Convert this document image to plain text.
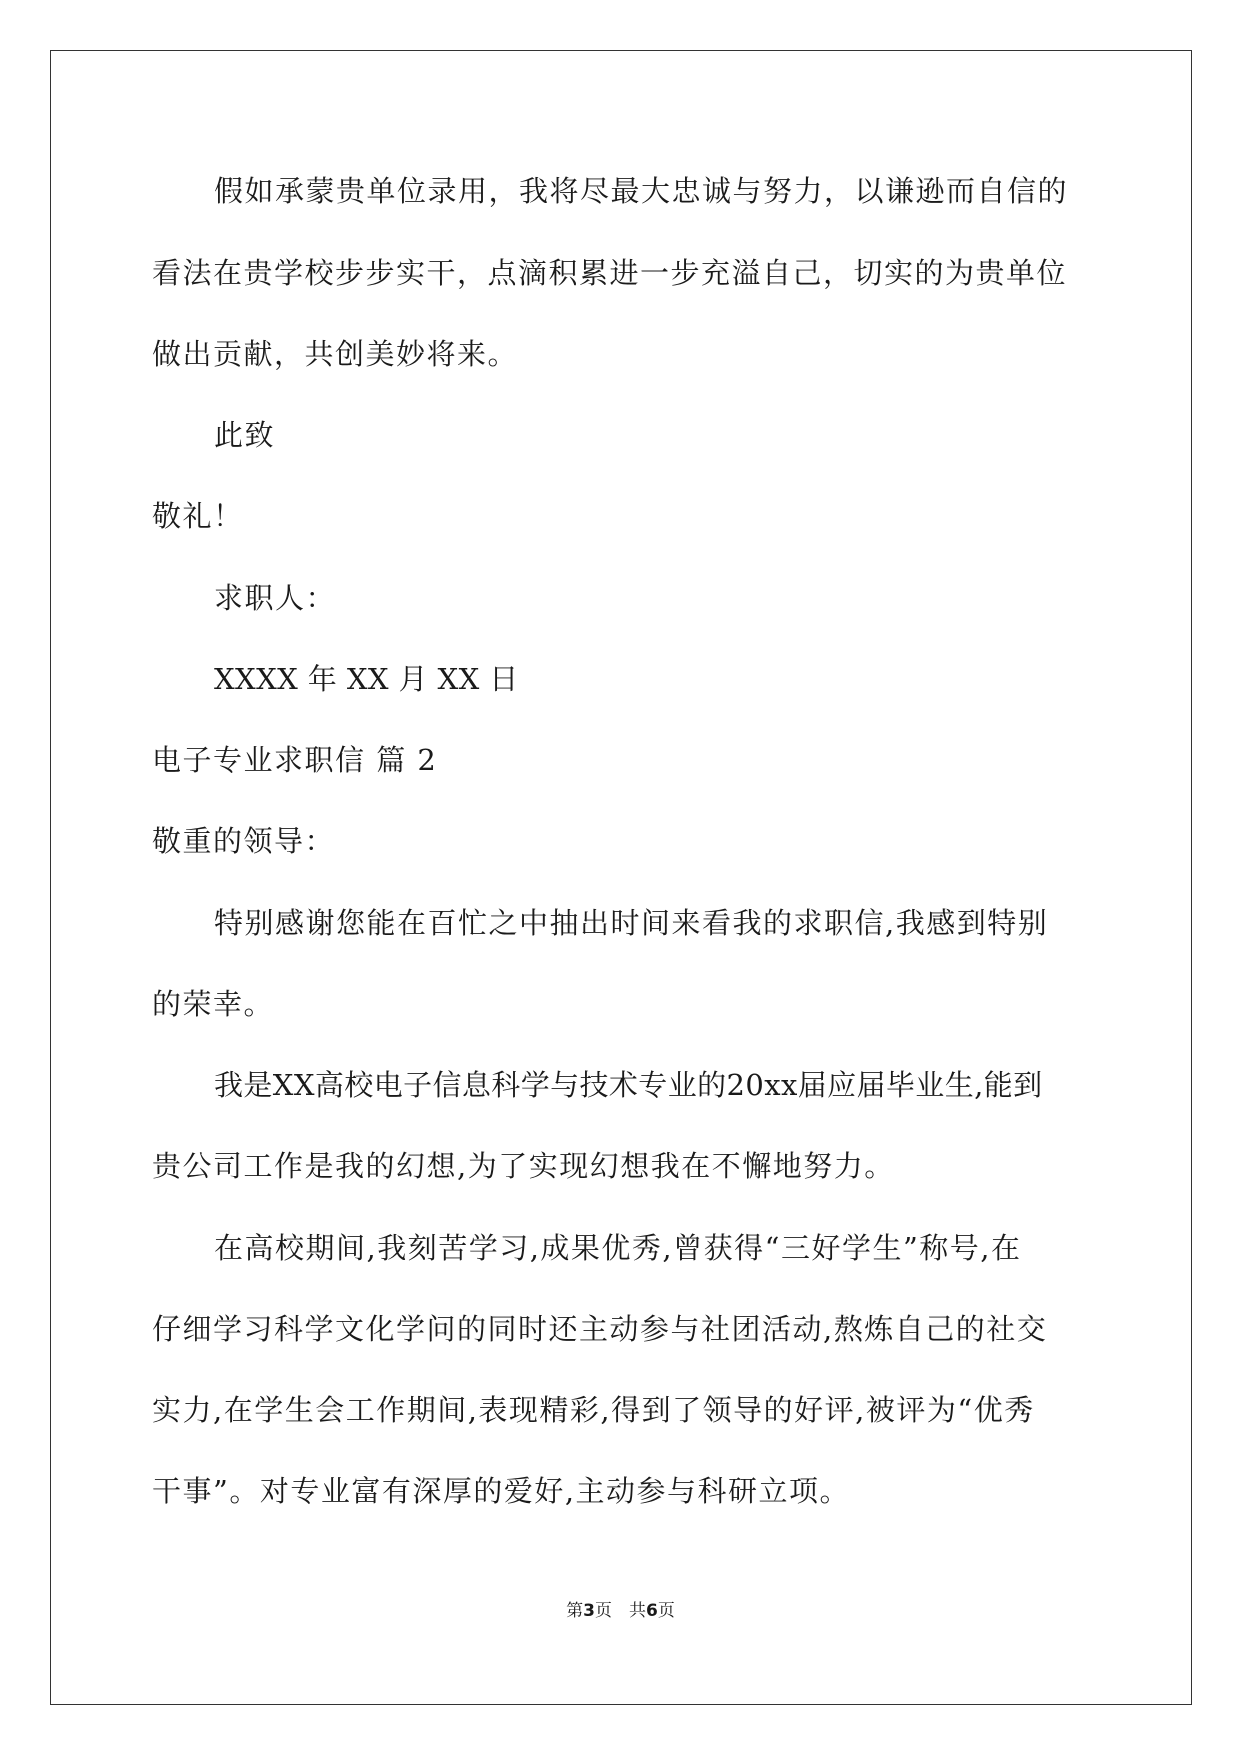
假如承蒙贵单位录用，我将尽最大忠诚与努力，以谦逊而自信的
看法在贵学校步步实干，点滴积累进一步充溢自己，切实的为贵单位
做出贡献，共创美妙将来。
此致
敬礼！
求职人：
XXXX 年 XX 月 XX 日
电子专业求职信 篇 2
敬重的领导：
特别感谢您能在百忙之中抽出时间来看我的求职信,我感到特别
的荣幸。
我是XX高校电子信息科学与技术专业的20xx届应届毕业生,能到
贵公司工作是我的幻想,为了实现幻想我在不懈地努力。
在高校期间,我刻苦学习,成果优秀,曾获得“三好学生”称号,在
仔细学习科学文化学问的同时还主动参与社团活动,熬炼自己的社交
实力,在学生会工作期间,表现精彩,得到了领导的好评,被评为“优秀
干事”。对专业富有深厚的爱好,主动参与科研立项。
第3页　共6页
